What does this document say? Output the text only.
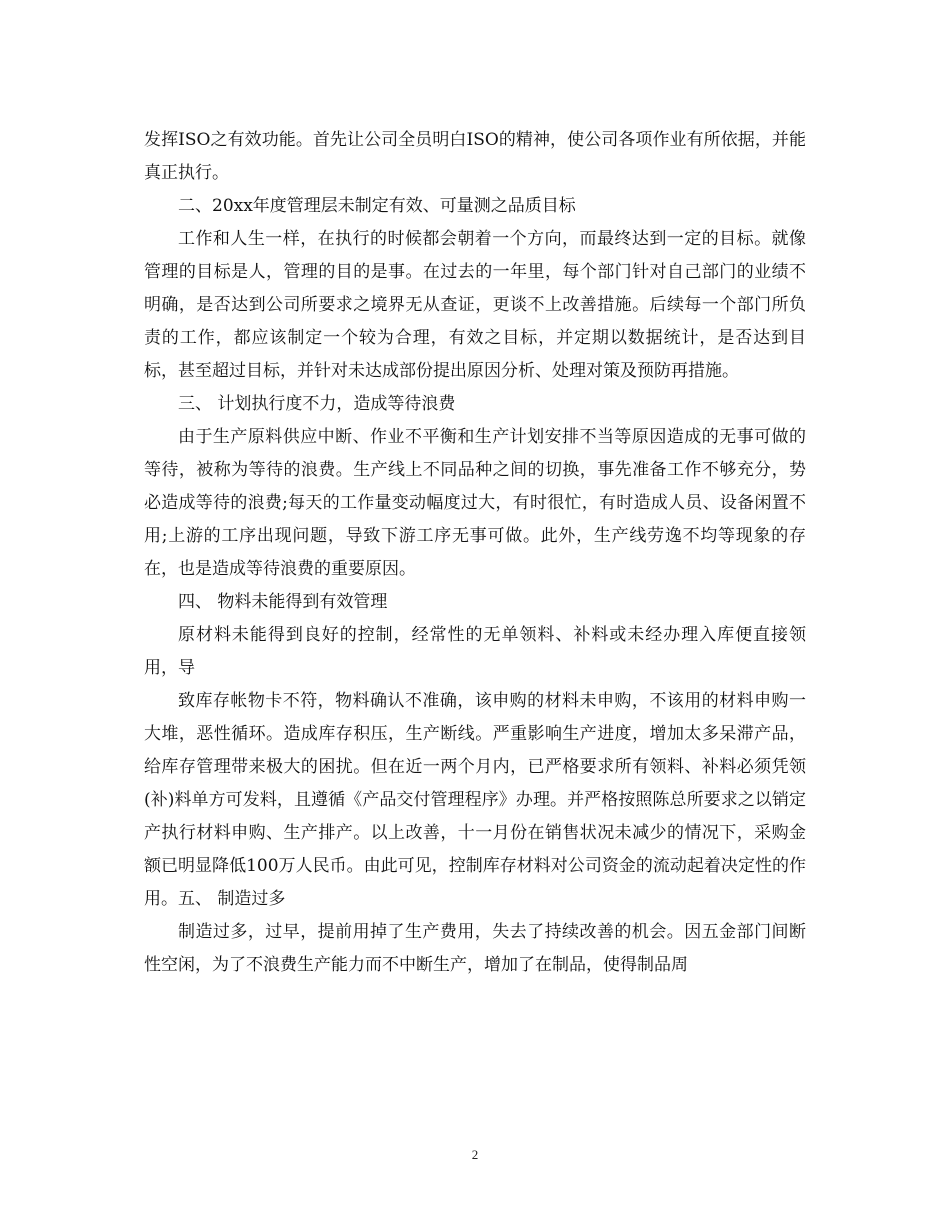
发挥ISO之有效功能。首先让公司全员明白ISO的精神，使公司各项作业有所依据，并能真正执行。

二、20xx年度管理层未制定有效、可量测之品质目标

工作和人生一样，在执行的时候都会朝着一个方向，而最终达到一定的目标。就像管理的目标是人，管理的目的是事。在过去的一年里，每个部门针对自己部门的业绩不明确，是否达到公司所要求之境界无从查证，更谈不上改善措施。后续每一个部门所负责的工作，都应该制定一个较为合理，有效之目标，并定期以数据统计，是否达到目标，甚至超过目标，并针对未达成部份提出原因分析、处理对策及预防再措施。

三、 计划执行度不力，造成等待浪费

由于生产原料供应中断、作业不平衡和生产计划安排不当等原因造成的无事可做的等待，被称为等待的浪费。生产线上不同品种之间的切换，事先准备工作不够充分，势必造成等待的浪费;每天的工作量变动幅度过大，有时很忙，有时造成人员、设备闲置不用;上游的工序出现问题，导致下游工序无事可做。此外，生产线劳逸不均等现象的存在，也是造成等待浪费的重要原因。

四、 物料未能得到有效管理

原材料未能得到良好的控制，经常性的无单领料、补料或未经办理入库便直接领用，导

致库存帐物卡不符，物料确认不准确，该申购的材料未申购，不该用的材料申购一大堆，恶性循环。造成库存积压，生产断线。严重影响生产进度，增加太多呆滞产品，给库存管理带来极大的困扰。但在近一两个月内，已严格要求所有领料、补料必须凭领(补)料单方可发料，且遵循《产品交付管理程序》办理。并严格按照陈总所要求之以销定产执行材料申购、生产排产。以上改善，十一月份在销售状况未减少的情况下，采购金额已明显降低100万人民币。由此可见，控制库存材料对公司资金的流动起着决定性的作用。五、 制造过多

制造过多，过早，提前用掉了生产费用，失去了持续改善的机会。因五金部门间断性空闲，为了不浪费生产能力而不中断生产，增加了在制品，使得制品周

2
